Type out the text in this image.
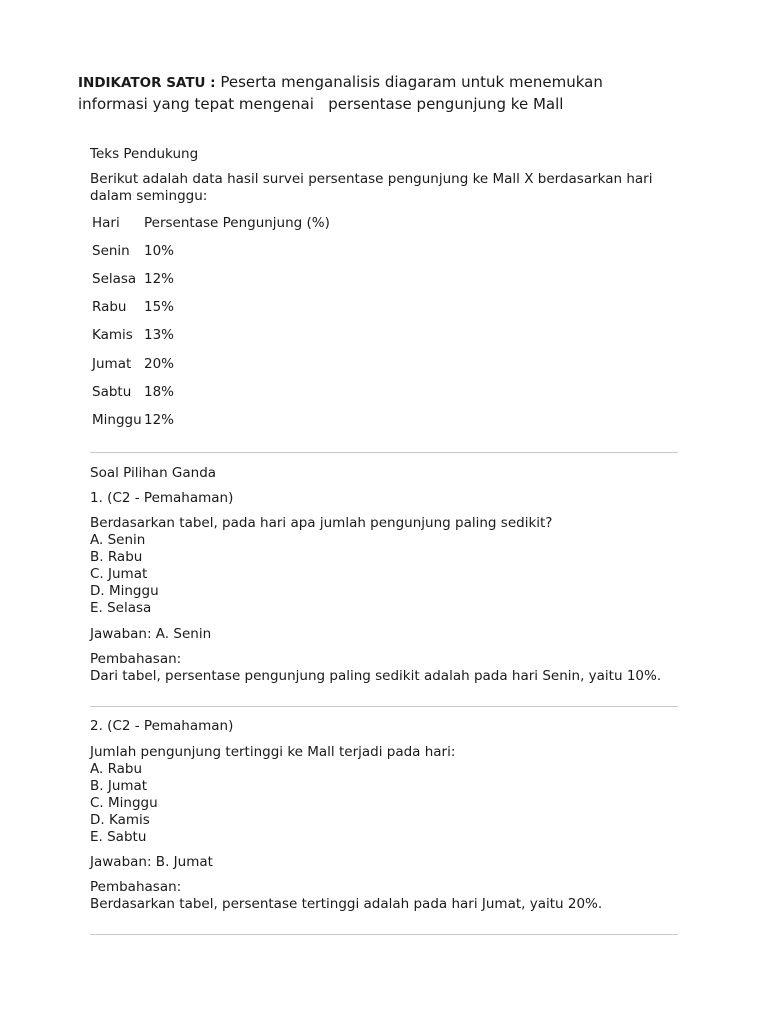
INDIKATOR SATU : Peserta menganalisis diagaram untuk menemukan
informasi yang tepat mengenai   persentase pengunjung ke Mall
Teks Pendukung
Berikut adalah data hasil survei persentase pengunjung ke Mall X berdasarkan hari
dalam seminggu:
Hari Persentase Pengunjung (%)
Senin 10%
Selasa 12%
Rabu 15%
Kamis 13%
Jumat 20%
Sabtu 18%
Minggu 12%
Soal Pilihan Ganda
1. (C2 - Pemahaman)
Berdasarkan tabel, pada hari apa jumlah pengunjung paling sedikit?
A. Senin
B. Rabu
C. Jumat
D. Minggu
E. Selasa
Jawaban: A. Senin
Pembahasan:
Dari tabel, persentase pengunjung paling sedikit adalah pada hari Senin, yaitu 10%.
2. (C2 - Pemahaman)
Jumlah pengunjung tertinggi ke Mall terjadi pada hari:
A. Rabu
B. Jumat
C. Minggu
D. Kamis
E. Sabtu
Jawaban: B. Jumat
Pembahasan:
Berdasarkan tabel, persentase tertinggi adalah pada hari Jumat, yaitu 20%.
